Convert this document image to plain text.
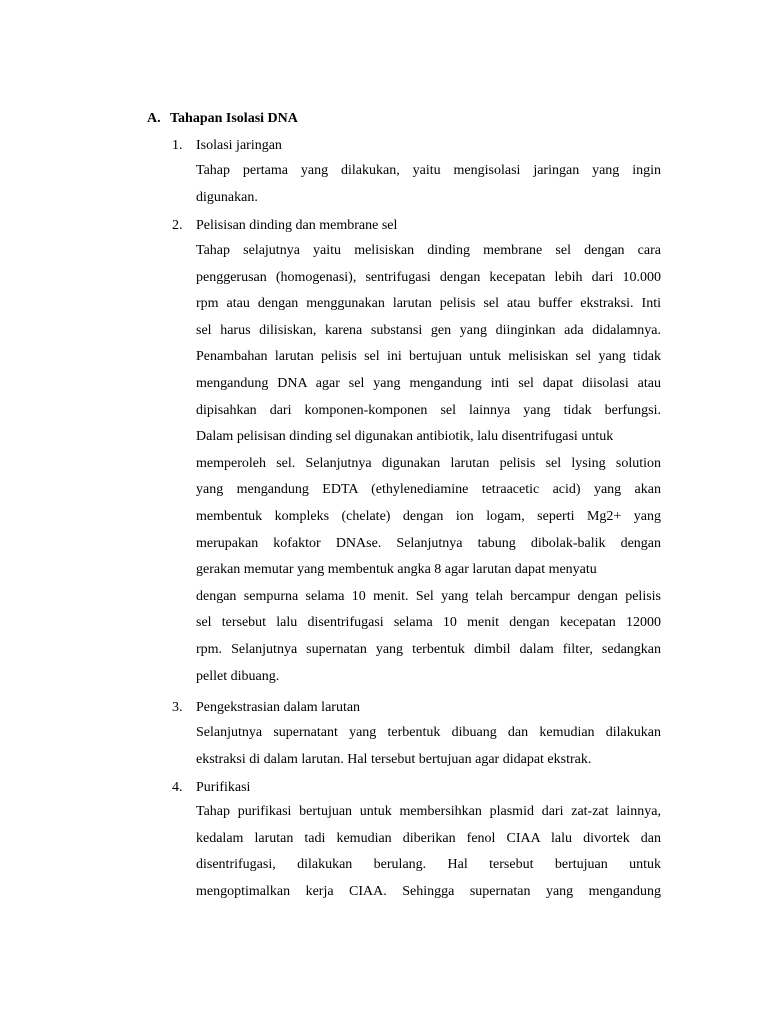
A. Tahapan Isolasi DNA
1. Isolasi jaringan
Tahap pertama yang dilakukan, yaitu mengisolasi jaringan yang ingin
digunakan.
2. Pelisisan dinding dan membrane sel
Tahap selajutnya yaitu melisiskan dinding membrane sel dengan cara
penggerusan (homogenasi), sentrifugasi dengan kecepatan lebih dari 10.000
rpm atau dengan menggunakan larutan pelisis sel atau buffer ekstraksi. Inti
sel harus dilisiskan, karena substansi gen yang diinginkan ada didalamnya.
Penambahan larutan pelisis sel ini bertujuan untuk melisiskan sel yang tidak
mengandung DNA agar sel yang mengandung inti sel dapat diisolasi atau
dipisahkan dari komponen-komponen sel lainnya yang tidak berfungsi.
Dalam pelisisan dinding sel digunakan antibiotik, lalu disentrifugasi untuk
memperoleh sel. Selanjutnya digunakan larutan pelisis sel lysing solution
yang mengandung EDTA (ethylenediamine tetraacetic acid) yang akan
membentuk kompleks (chelate) dengan ion logam, seperti Mg2+ yang
merupakan kofaktor DNAse. Selanjutnya tabung dibolak-balik dengan
gerakan memutar yang membentuk angka 8 agar larutan dapat menyatu
dengan sempurna selama 10 menit. Sel yang telah bercampur dengan pelisis
sel tersebut lalu disentrifugasi selama 10 menit dengan kecepatan 12000
rpm. Selanjutnya supernatan yang terbentuk dimbil dalam filter, sedangkan
pellet dibuang.
3. Pengekstrasian dalam larutan
Selanjutnya supernatant yang terbentuk dibuang dan kemudian dilakukan
ekstraksi di dalam larutan. Hal tersebut bertujuan agar didapat ekstrak.
4. Purifikasi
Tahap purifikasi bertujuan untuk membersihkan plasmid dari zat-zat lainnya,
kedalam larutan tadi kemudian diberikan fenol CIAA lalu divortek dan
disentrifugasi, dilakukan berulang. Hal tersebut bertujuan untuk
mengoptimalkan kerja CIAA. Sehingga supernatan yang mengandung
